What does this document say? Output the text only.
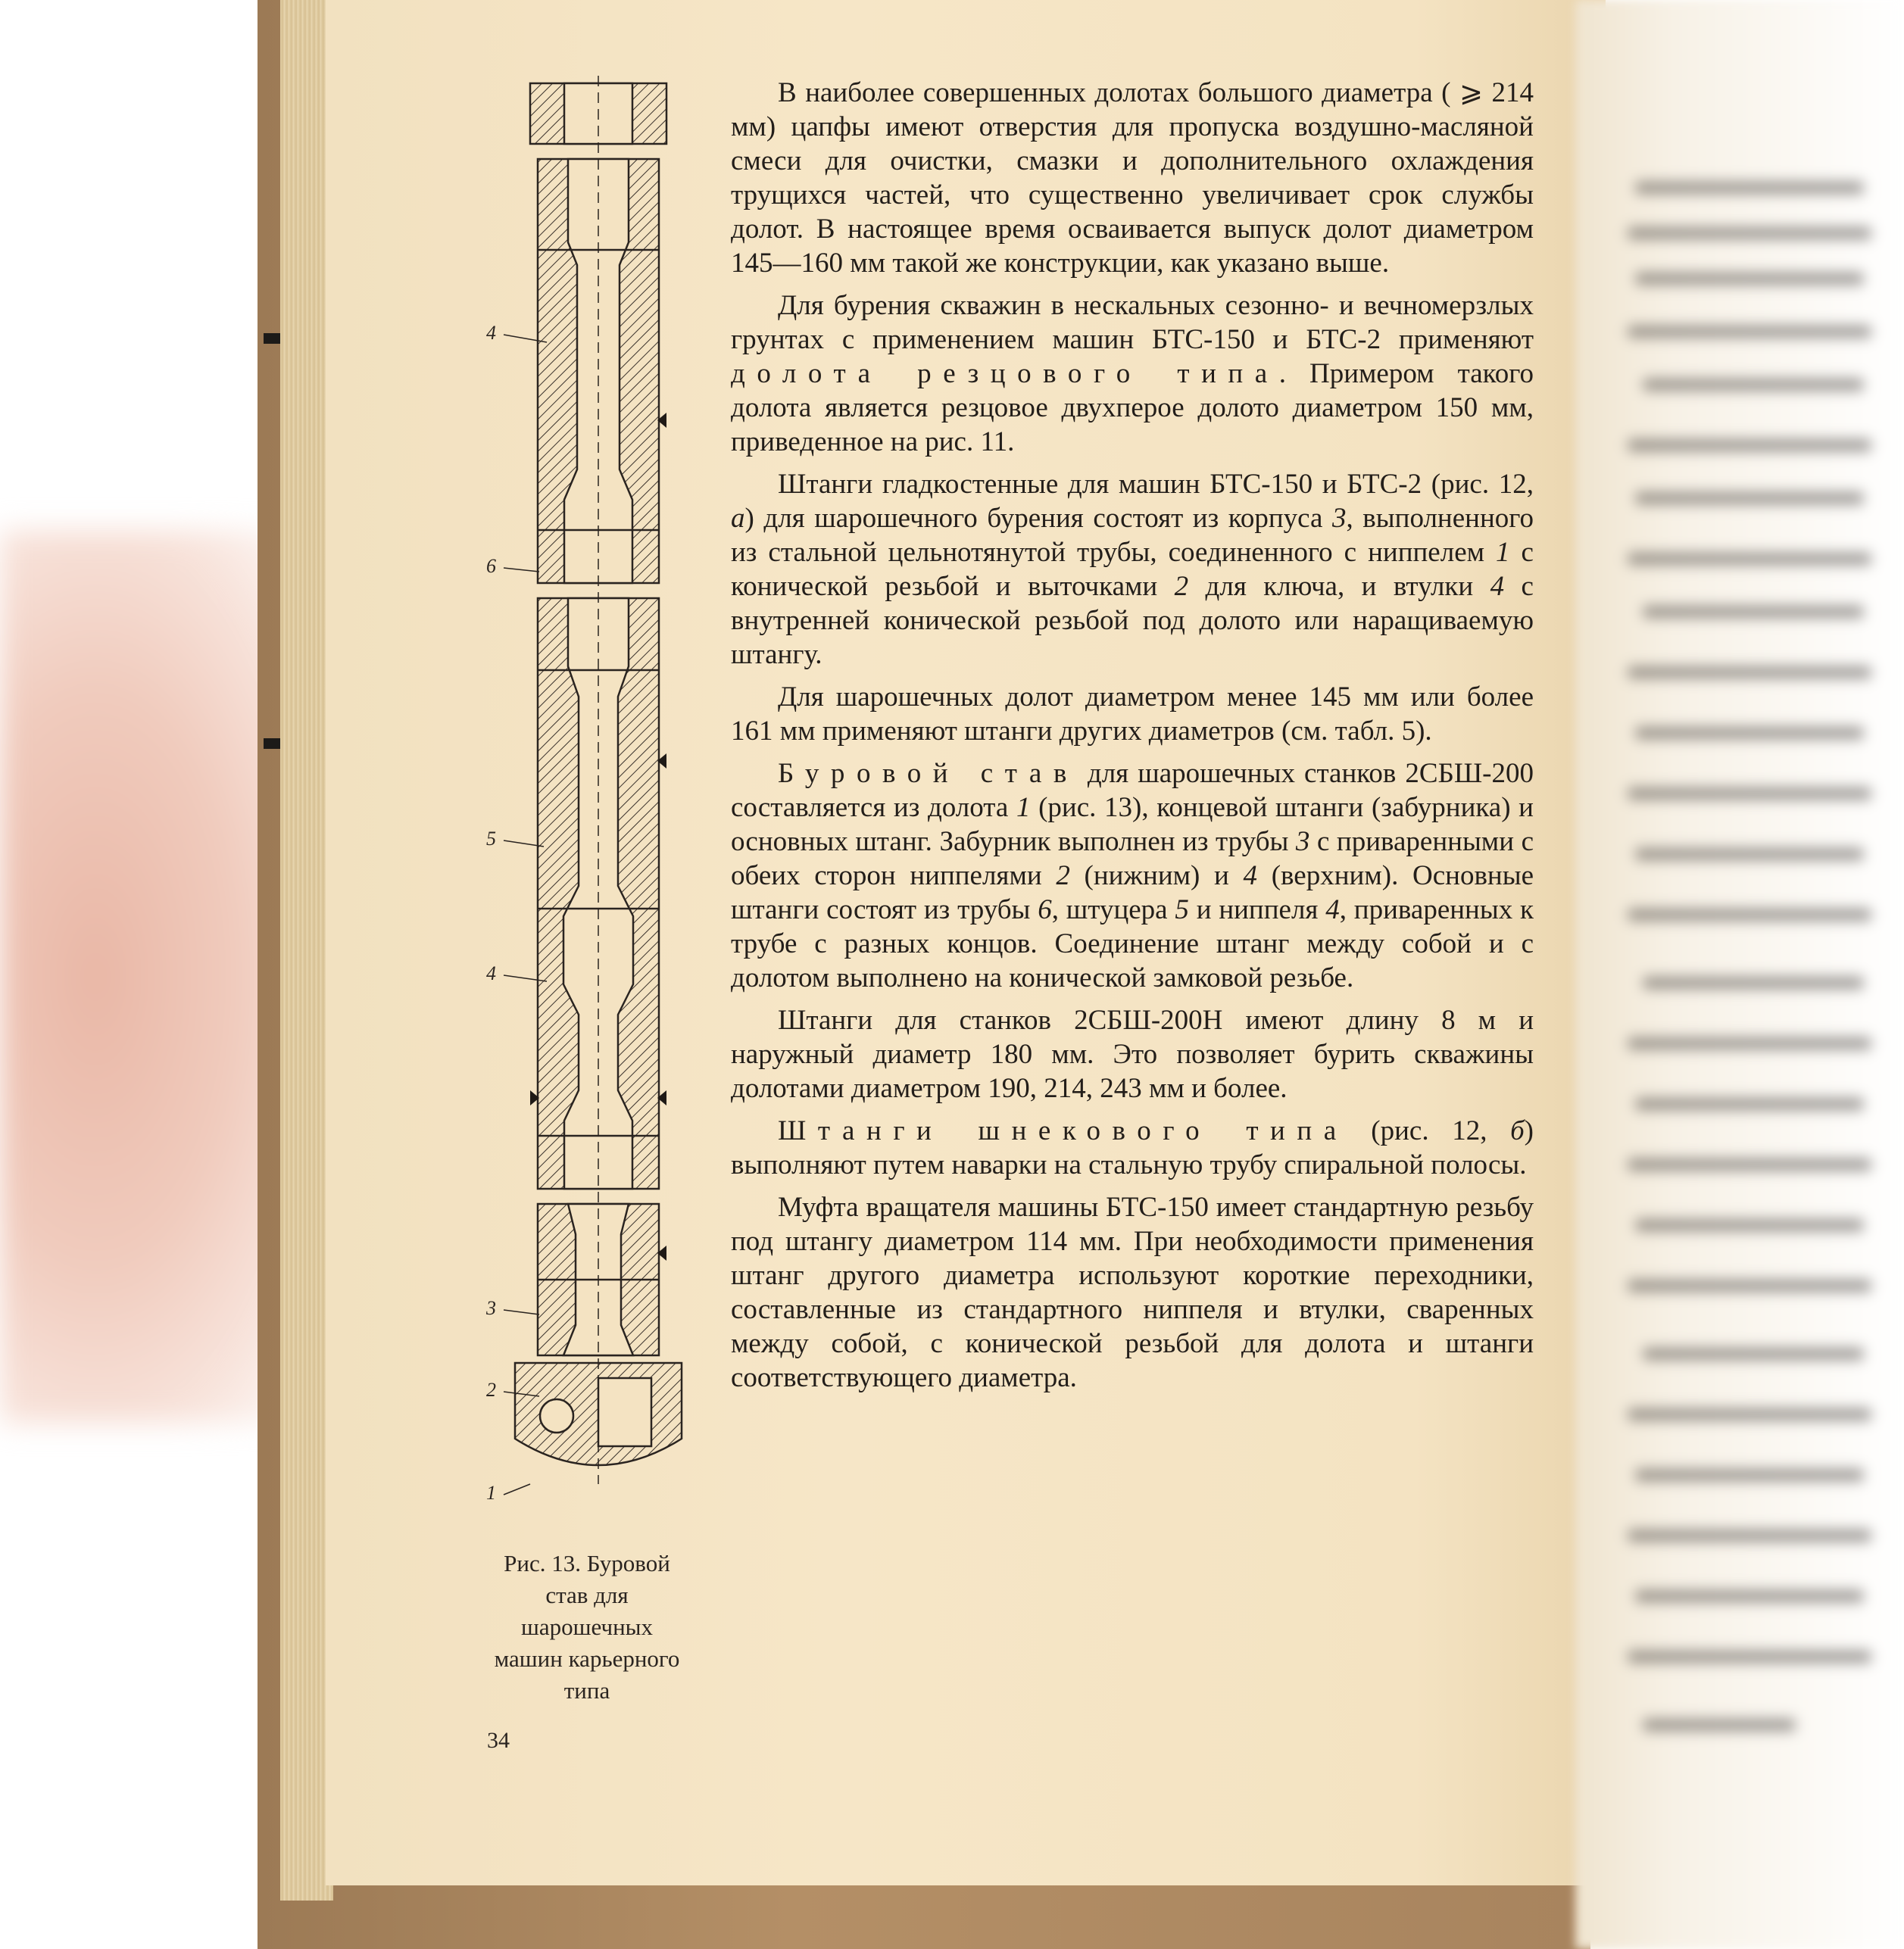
4
6
5
4
3
2
1
Рис. 13. Буровой став для шарошечных машин карьерного типа
34

В наиболее совершенных долотах большого диаметра ( ⩾ 214 мм) цапфы имеют отверстия для пропуска воздушно-масляной смеси для очистки, смазки и дополнительного охлаждения трущихся частей, что существенно увеличивает срок службы долот. В настоящее время осваивается выпуск долот диаметром 145—160 мм такой же конструкции, как указано выше.

Для бурения скважин в нескальных сезонно- и вечномерзлых грунтах с применением машин БТС-150 и БТС-2 применяют долота резцового типа. Примером такого долота является резцовое двухперое долото диаметром 150 мм, приведенное на рис. 11.

Штанги гладкостенные для машин БТС-150 и БТС-2 (рис. 12, а) для шарошечного бурения состоят из корпуса 3, выполненного из стальной цельнотянутой трубы, соединенного с ниппелем 1 с конической резьбой и выточками 2 для ключа, и втулки 4 с внутренней конической резьбой под долото или наращиваемую штангу.

Для шарошечных долот диаметром менее 145 мм или более 161 мм применяют штанги других диаметров (см. табл. 5).

Буровой став для шарошечных станков 2СБШ-200 составляется из долота 1 (рис. 13), концевой штанги (забурника) и основных штанг. Забурник выполнен из трубы 3 с приваренными с обеих сторон ниппелями 2 (нижним) и 4 (верхним). Основные штанги состоят из трубы 6, штуцера 5 и ниппеля 4, приваренных к трубе с разных концов. Соединение штанг между собой и с долотом выполнено на конической замковой резьбе.

Штанги для станков 2СБШ-200Н имеют длину 8 м и наружный диаметр 180 мм. Это позволяет бурить скважины долотами диаметром 190, 214, 243 мм и более.

Штанги шнекового типа (рис. 12, б) выполняют путем наварки на стальную трубу спиральной полосы.

Муфта вращателя машины БТС-150 имеет стандартную резьбу под штангу диаметром 114 мм. При необходимости применения штанг другого диаметра используют короткие переходники, составленные из стандартного ниппеля и втулки, сваренных между собой, с конической резьбой для долота и штанги соответствующего диаметра.
